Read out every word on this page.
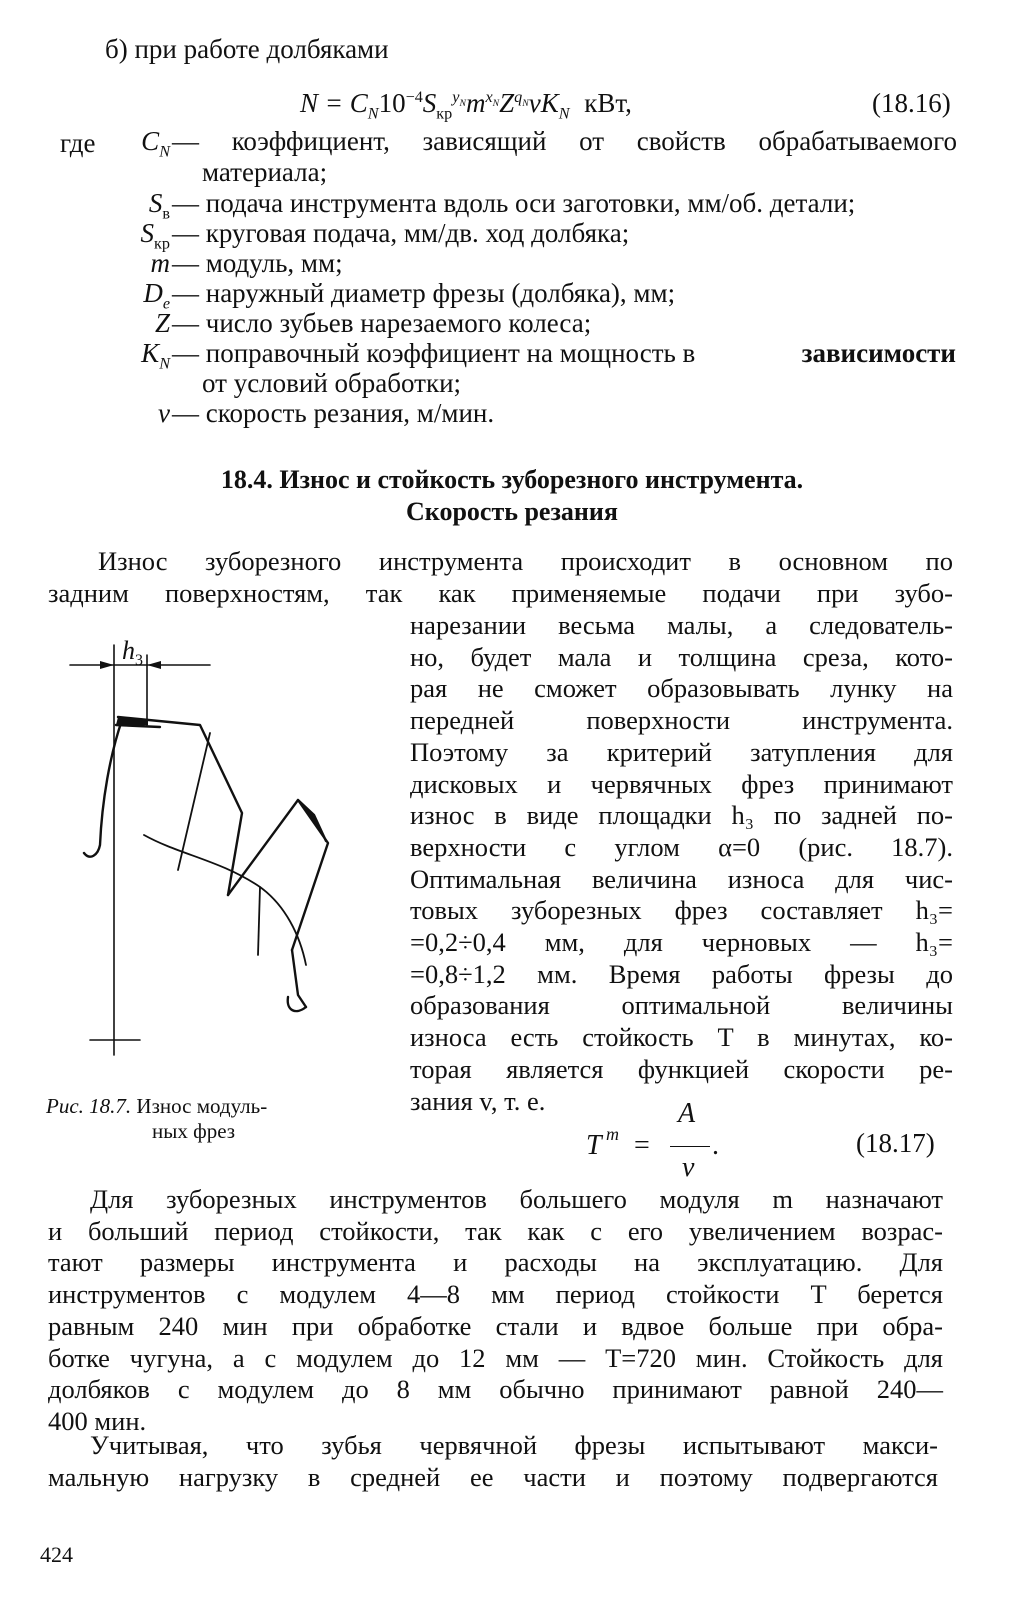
б) при работе долбяками
$N = C_N10^{-4}S_{кр}^{y_N}m^{x_N}Z^{q_N}vK_N$ кВт,	(18.16)
где	$C_N$ — коэффициент, зависящий от свойств обрабатываемого
материала;
$S_в$ — подача инструмента вдоль оси заготовки, мм/об. детали;
$S_{кр}$ — круговая подача, мм/дв. ход долбяка;
m — модуль, мм;
$D_e$ — наружный диаметр фрезы (долбяка), мм;
Z — число зубьев нарезаемого колеса;
$K_N$ — поправочный коэффициент на мощность в	зависимости
от условий обработки;
v — скорость резания, м/мин.
18.4. Износ и стойкость зуборезного инструмента.
Скорость резания
Износ зуборезного инструмента происходит в основном по
задним поверхностям, так как применяемые подачи при зубо-
нарезании весьма малы, а следователь-
но, будет мала и толщина среза, кото-
рая не сможет образовывать лунку на
передней поверхности инструмента.
Поэтому за критерий затупления для
дисковых и червячных фрез принимают
износ в виде площадки h₃ по задней по-
верхности с углом α=0 (рис. 18.7).
Оптимальная величина износа для чис-
товых зуборезных фрез составляет h₃=
=0,2÷0,4 мм, для черновых — h₃=
=0,8÷1,2 мм. Время работы фрезы до
образования оптимальной величины
износа есть стойкость T в минутах, ко-
торая является функцией скорости ре-
зания v, т. е.
$h_3$
Рис. 18.7. Износ модуль-
ных фрез	T m =
A
v
.	(18.17)
Для зуборезных инструментов большего модуля m назначают
и больший период стойкости, так как с его увеличением возрас-
тают размеры инструмента и расходы на эксплуатацию. Для
инструментов с модулем 4—8 мм период стойкости T берется
равным 240 мин при обработке стали и вдвое больше при обра-
ботке чугуна, а с модулем до 12 мм — T=720 мин. Стойкость для
долбяков с модулем до 8 мм обычно принимают равной 240—
400 мин.
Учитывая, что зубья червячной фрезы испытывают макси-
мальную нагрузку в средней ее части и поэтому подвергаются
424
